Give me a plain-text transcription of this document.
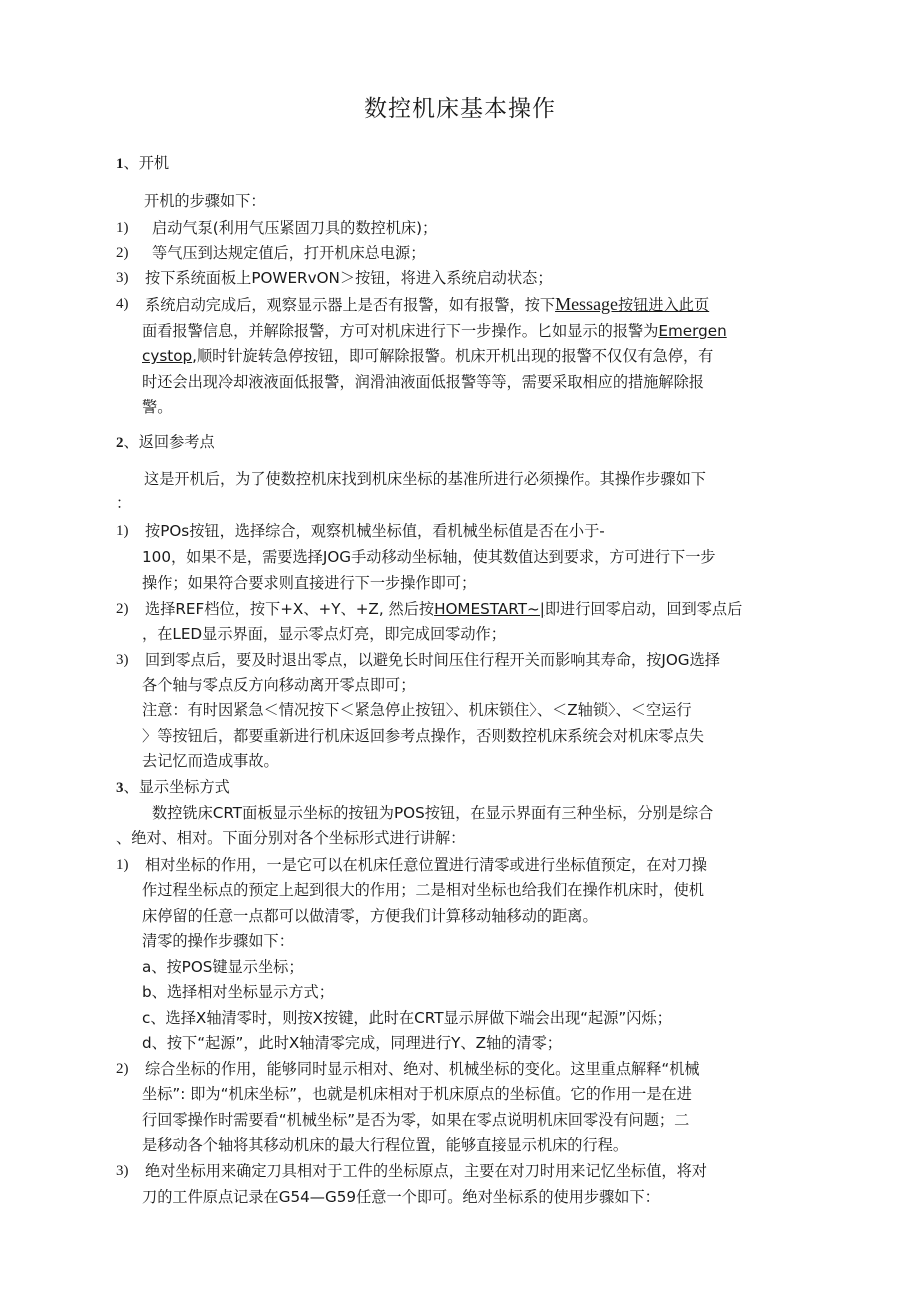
数控机床基本操作
1、开机
开机的步骤如下：
1) 启动气泵(利用气压紧固刀具的数控机床)；
2) 等气压到达规定值后，打开机床总电源；
3) 按下系统面板上POWERvON＞按钮，将进入系统启动状态；
4) 系统启动完成后，观察显示器上是否有报警，如有报警，按下Message按钮进入此页
面看报警信息，并解除报警，方可对机床进行下一步操作。匕如显示的报警为Emergen
cystop,顺时针旋转急停按钮，即可解除报警。机床开机出现的报警不仅仅有急停，有
时还会出现冷却液液面低报警，润滑油液面低报警等等，需要采取相应的措施解除报
警。
2、返回参考点
这是开机后，为了使数控机床找到机床坐标的基准所进行必须操作。其操作步骤如下
：
1) 按POs按钮，选择综合，观察机械坐标值，看机械坐标值是否在小于-
100，如果不是，需要选择JOG手动移动坐标轴，使其数值达到要求，方可进行下一步
操作；如果符合要求则直接进行下一步操作即可；
2) 选择REF档位，按下+X、+Y、+Z, 然后按HOMESTART~|即进行回零启动，回到零点后
，在LED显示界面，显示零点灯亮，即完成回零动作；
3) 回到零点后，要及时退出零点，以避免长时间压住行程开关而影响其寿命，按JOG选择
各个轴与零点反方向移动离开零点即可；
注意：有时因紧急＜情况按下＜紧急停止按钮〉、机床锁住〉、＜Z轴锁〉、＜空运行
〉等按钮后，都要重新进行机床返回参考点操作，否则数控机床系统会对机床零点失
去记忆而造成事故。
3、显示坐标方式
数控铣床CRT面板显示坐标的按钮为POS按钮，在显示界面有三种坐标，分别是综合
、绝对、相对。下面分别对各个坐标形式进行讲解：
1) 相对坐标的作用，一是它可以在机床任意位置进行清零或进行坐标值预定，在对刀操
作过程坐标点的预定上起到很大的作用；二是相对坐标也给我们在操作机床时，使机
床停留的任意一点都可以做清零，方便我们计算移动轴移动的距离。
清零的操作步骤如下：
a、按POS键显示坐标；
b、选择相对坐标显示方式；
c、选择X轴清零时，则按X按键，此时在CRT显示屏做下端会出现“起源”闪烁；
d、按下“起源”，此时X轴清零完成，同理进行Y、Z轴的清零；
2) 综合坐标的作用，能够同时显示相对、绝对、机械坐标的变化。这里重点解释“机械
坐标”: 即为“机床坐标”，也就是机床相对于机床原点的坐标值。它的作用一是在进
行回零操作时需要看“机械坐标”是否为零，如果在零点说明机床回零没有问题；二
是移动各个轴将其移动机床的最大行程位置，能够直接显示机床的行程。
3) 绝对坐标用来确定刀具相对于工件的坐标原点，主要在对刀时用来记忆坐标值，将对
刀的工件原点记录在G54—G59任意一个即可。绝对坐标系的使用步骤如下：
